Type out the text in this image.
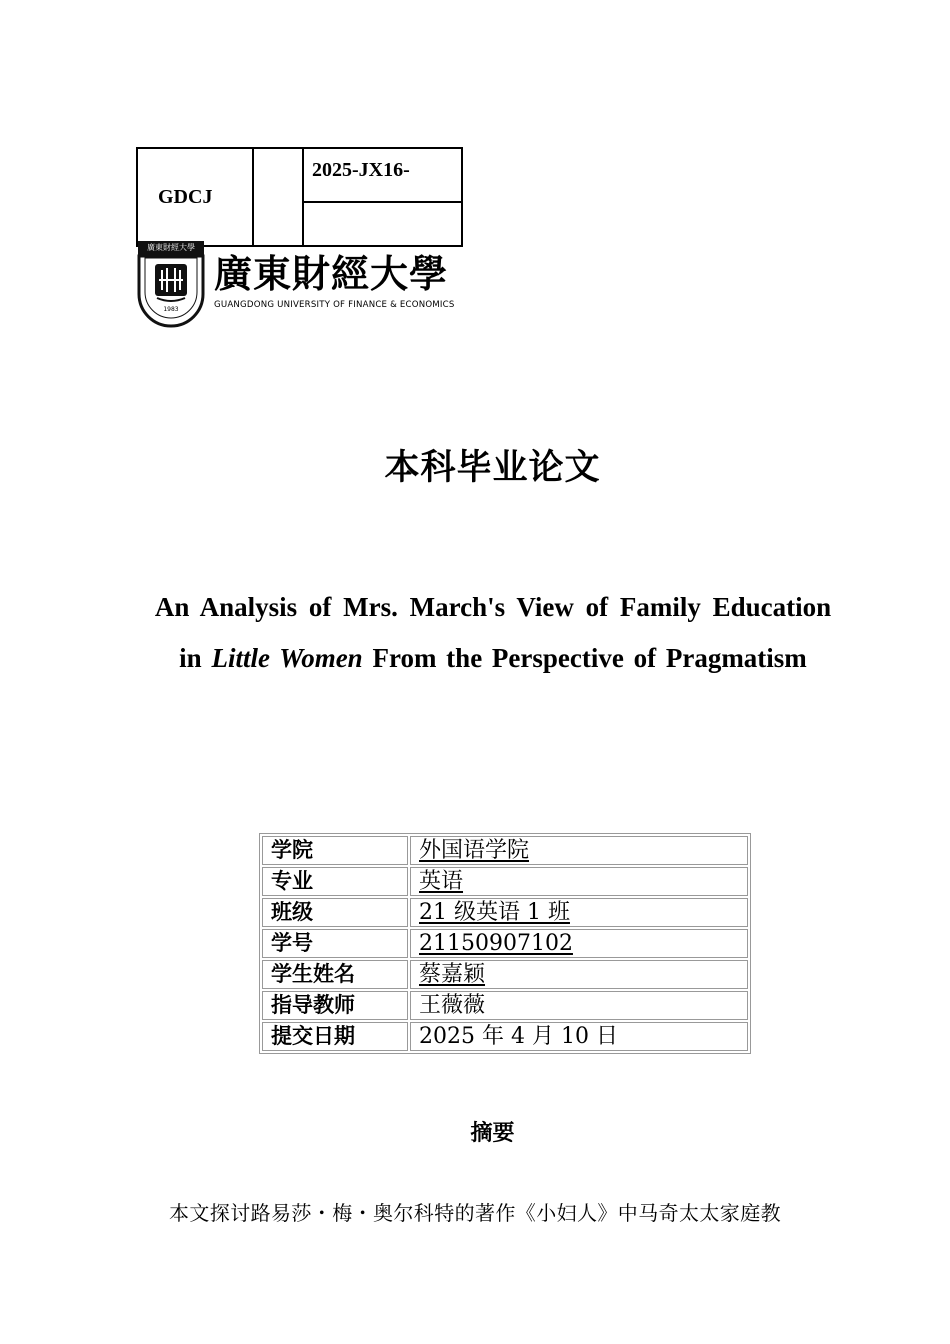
GDCJ		2025-JX16-

廣東財經大學
1983
廣東財經大學
GUANGDONG UNIVERSITY OF FINANCE & ECONOMICS
本科毕业论文
An Analysis of Mrs. March's View of Family Education
in Little Women From the Perspective of Pragmatism
学院	外国语学院
专业	英语
班级	21 级英语 1 班
学号	21150907102
学生姓名	蔡嘉颖
指导教师	王薇薇
提交日期	2025 年 4 月 10 日
摘要
本文探讨路易莎・梅・奥尔科特的著作《小妇人》中马奇太太家庭教
